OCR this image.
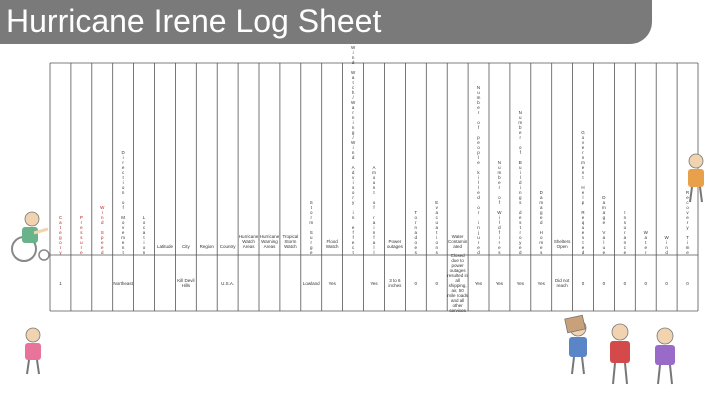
Hurricane Irene Log Sheet
C
a
t
e
g
o
r
y
1
P
r
e
s
s
u
r
e
W
i
n
d

S
p
e
e
d
D
i
r
e
c
t
i
o
n

o
f

M
o
v
e
m
e
n
t
Northeast
L
o
c
a
t
i
o
n
Latitude City
Kill Devil Hills
Region Country
U.S.A.
Hurricane Watch Areas
Hurricane Warning Areas
Tropical Storm Watch
S
t
o
r
m

S
u
r
g
e
Lowland
Flood Watch
Yes
W
i
n
d

W
a
t
c
h
/
W
a
r
n
i
n
g
/
W
i
n
d

A
d
v
i
s
o
r
y

i
n

e
f
f
e
c
t
A
m
o
u
n
t

o
f

r
a
i
n
f
a
l
l
Yes
Power outages
3 to 6 inches
T
o
r
n
a
d
o
e
s
0
E
v
a
c
u
a
t
i
o
n
s
0
Water Contaminated
Closed due to power outages resulted in all shipping, air, 50 mile roads and all other services
N
u
m
b
e
r

o
f

p
e
o
p
l
e

k
i
l
l
e
d

o
r

i
n
j
u
r
e
d
Yes
N
u
m
b
e
r

o
f

W
i
l
d
f
i
r
e
s
Yes
N
u
m
b
e
r

o
f

B
u
i
l
d
i
n
g
s

d
e
s
t
r
o
y
e
d
Yes
D
a
m
a
g
e
d

H
o
m
e
s
Yes
Shelters Open
Did not reach
G
o
v
e
r
n
m
e
n
t

H
e
l
p

R
e
q
u
e
s
t
e
d
0
D
a
m
a
g
e

V
a
l
u
e
0
I
n
s
u
r
a
n
c
e
0
W
a
t
e
r
0
W
i
n
d
0
R
e
c
o
v
e
r
y

T
i
m
e
0
